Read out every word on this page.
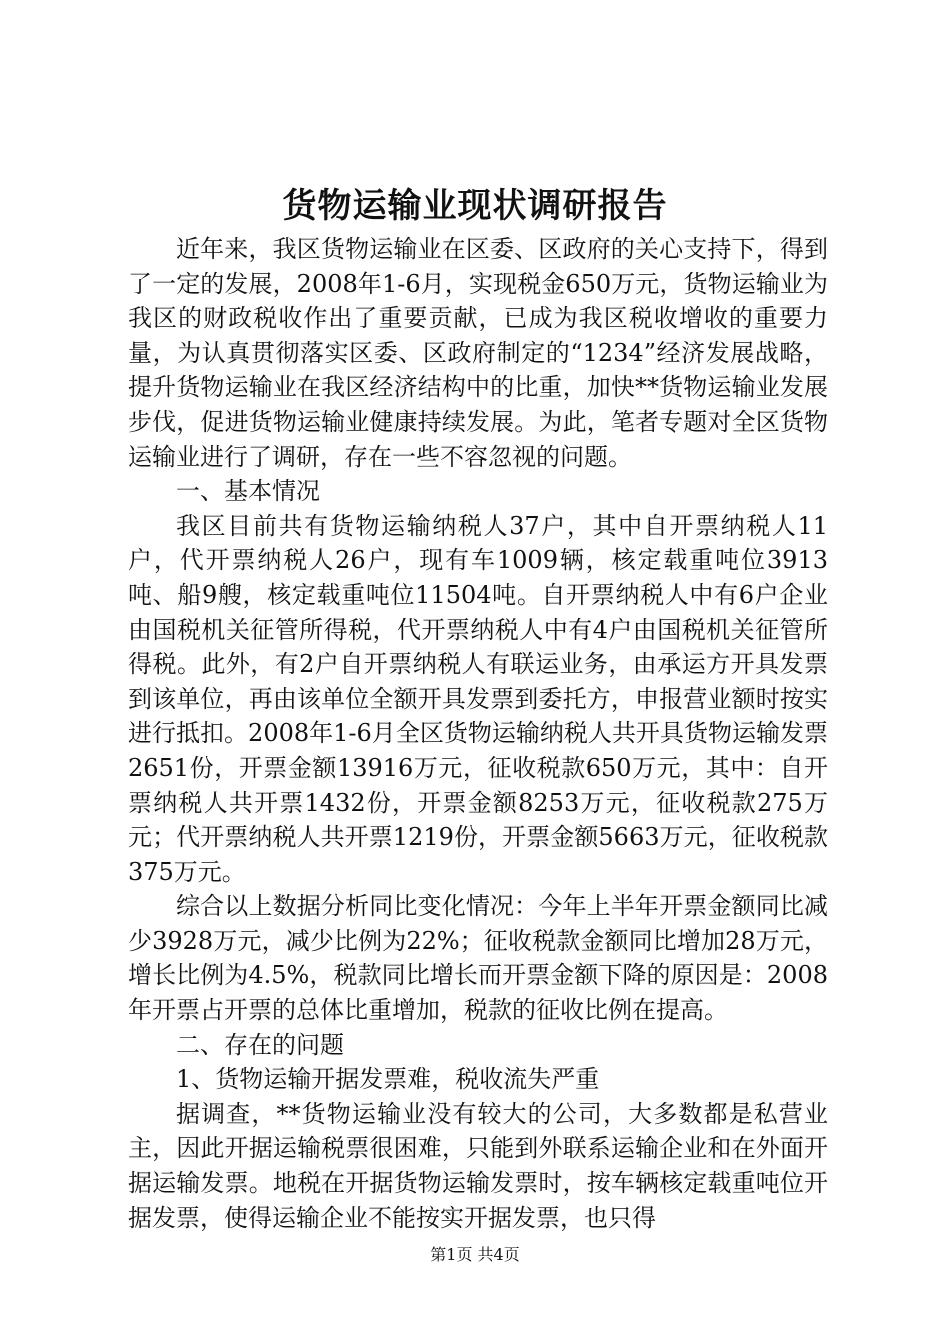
货物运输业现状调研报告

近年来，我区货物运输业在区委、区政府的关心支持下，得到了一定的发展，2008年1-6月，实现税金650万元，货物运输业为我区的财政税收作出了重要贡献，已成为我区税收增收的重要力量，为认真贯彻落实区委、区政府制定的“1234”经济发展战略，提升货物运输业在我区经济结构中的比重，加快**货物运输业发展步伐，促进货物运输业健康持续发展。为此，笔者专题对全区货物运输业进行了调研，存在一些不容忽视的问题。

一、基本情况

我区目前共有货物运输纳税人37户，其中自开票纳税人11户，代开票纳税人26户，现有车1009辆，核定载重吨位3913吨、船9艘，核定载重吨位11504吨。自开票纳税人中有6户企业由国税机关征管所得税，代开票纳税人中有4户由国税机关征管所得税。此外，有2户自开票纳税人有联运业务，由承运方开具发票到该单位，再由该单位全额开具发票到委托方，申报营业额时按实进行抵扣。2008年1-6月全区货物运输纳税人共开具货物运输发票2651份，开票金额13916万元，征收税款650万元，其中：自开票纳税人共开票1432份，开票金额8253万元，征收税款275万元；代开票纳税人共开票1219份，开票金额5663万元，征收税款375万元。

综合以上数据分析同比变化情况：今年上半年开票金额同比减少3928万元，减少比例为22%；征收税款金额同比增加28万元，增长比例为4.5%，税款同比增长而开票金额下降的原因是：2008年开票占开票的总体比重增加，税款的征收比例在提高。

二、存在的问题

1、货物运输开据发票难，税收流失严重

据调查，**货物运输业没有较大的公司，大多数都是私营业主，因此开据运输税票很困难，只能到外联系运输企业和在外面开据运输发票。地税在开据货物运输发票时，按车辆核定载重吨位开据发票，使得运输企业不能按实开据发票，也只得

第1页 共4页
